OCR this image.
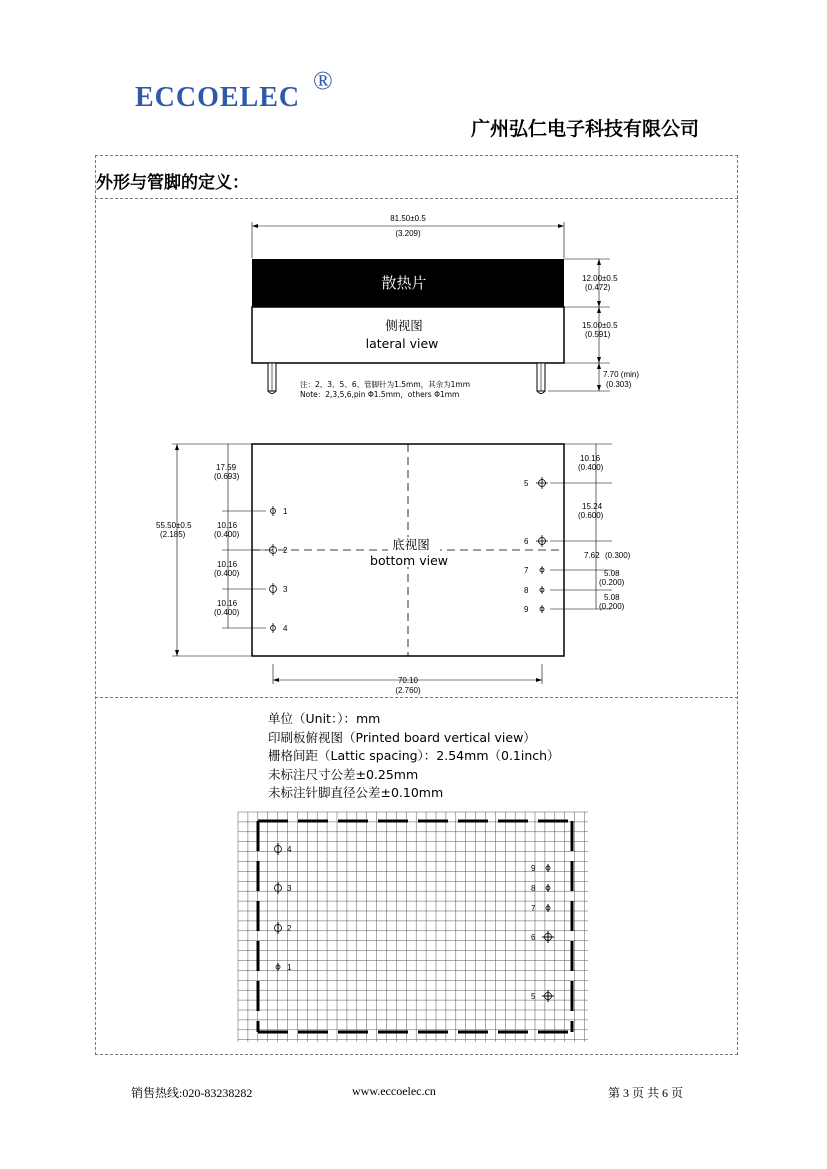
ECCOELEC
®
广州弘仁电子科技有限公司
外形与管脚的定义：
81.50±0.5
(3.209)
散热片
侧视图
lateral view
12.00±0.5
(0.472)
15.00±0.5
(0.591)
7.70 (min)
(0.303)
注：2、3、5、6、管脚针为1.5mm，其余为1mm
Note：2,3,5,6,pin Φ1.5mm，others Φ1mm
底视图
bottom view
55.50±0.5
(2.185)
17.59
(0.693)
10.16
(0.400)
10.16
(0.400)
10.16
(0.400)
1
2
3
4
5
6
7
8
9
10.16
(0.400)
15.24
(0.600)
7.62 (0.300)
5.08
(0.200)
5.08
(0.200)
70.10
(2.760)
单位（Unit：）：mm
印刷板俯视图（Printed board vertical view）
栅格间距（Lattic spacing）：2.54mm（0.1inch）
未标注尺寸公差±0.25mm
未标注针脚直径公差±0.10mm
4
3
2
1
9
8
7
6
5
销售热线:020-83238282	www.eccoelec.cn	第 3 页 共 6 页
